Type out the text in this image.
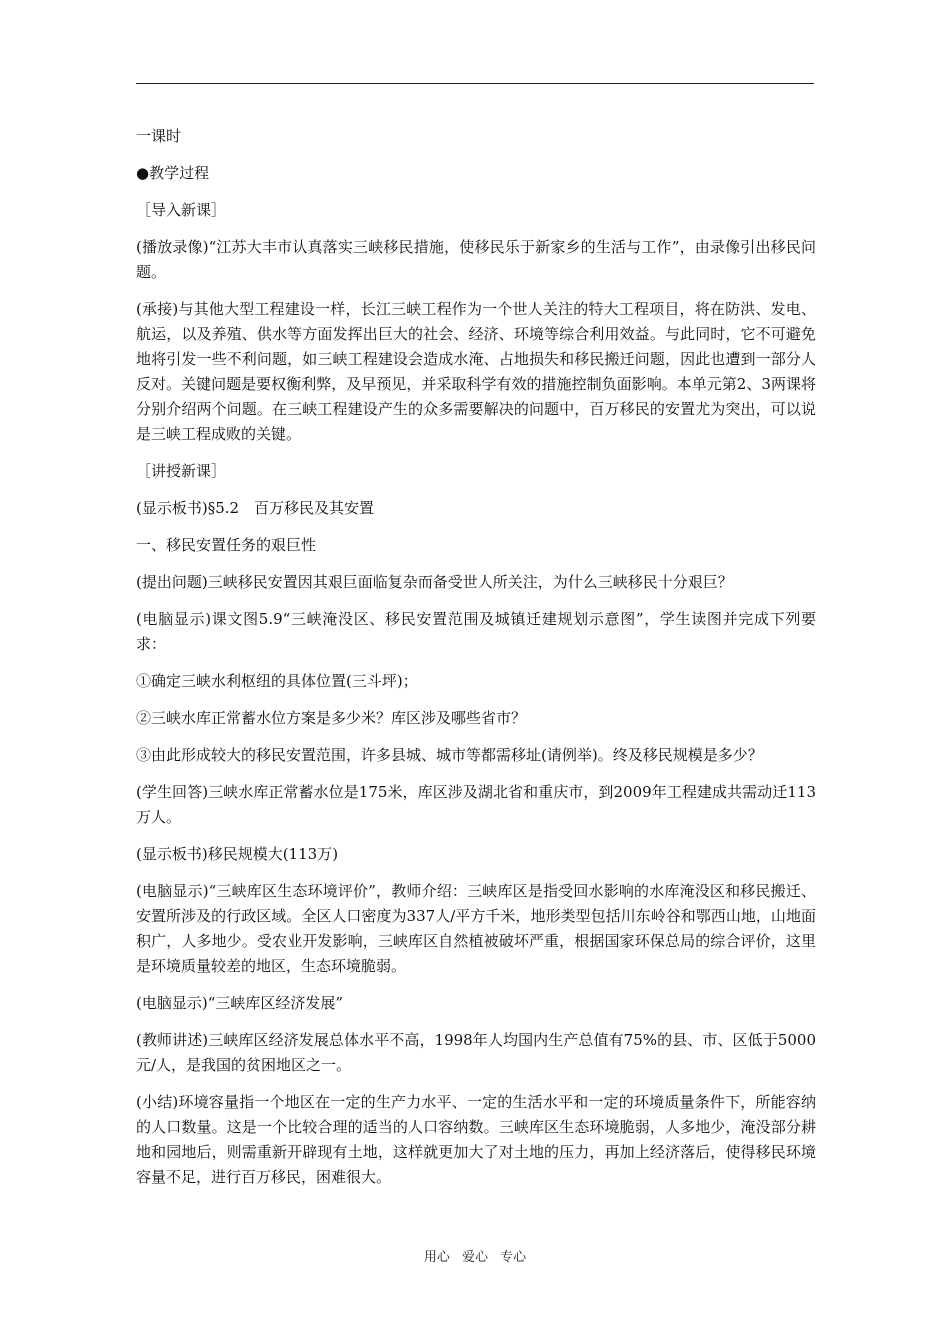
一课时

●教学过程

［导入新课］

(播放录像)“江苏大丰市认真落实三峡移民措施，使移民乐于新家乡的生活与工作”，由录像引出移民问题。

(承接)与其他大型工程建设一样，长江三峡工程作为一个世人关注的特大工程项目，将在防洪、发电、航运，以及养殖、供水等方面发挥出巨大的社会、经济、环境等综合利用效益。与此同时，它不可避免地将引发一些不利问题，如三峡工程建设会造成水淹、占地损失和移民搬迁问题，因此也遭到一部分人反对。关键问题是要权衡利弊，及早预见，并采取科学有效的措施控制负面影响。本单元第2、3两课将分别介绍两个问题。在三峡工程建设产生的众多需要解决的问题中，百万移民的安置尤为突出，可以说是三峡工程成败的关键。

［讲授新课］

(显示板书)§5.2　百万移民及其安置

一、移民安置任务的艰巨性

(提出问题)三峡移民安置因其艰巨面临复杂而备受世人所关注，为什么三峡移民十分艰巨？

(电脑显示)课文图5.9“三峡淹没区、移民安置范围及城镇迁建规划示意图”，学生读图并完成下列要求：

①确定三峡水利枢纽的具体位置(三斗坪)；

②三峡水库正常蓄水位方案是多少米？库区涉及哪些省市？

③由此形成较大的移民安置范围，许多县城、城市等都需移址(请例举)。终及移民规模是多少？

(学生回答)三峡水库正常蓄水位是175米，库区涉及湖北省和重庆市，到2009年工程建成共需动迁113万人。

(显示板书)移民规模大(113万)

(电脑显示)“三峡库区生态环境评价”，教师介绍：三峡库区是指受回水影响的水库淹没区和移民搬迁、安置所涉及的行政区域。全区人口密度为337人/平方千米，地形类型包括川东岭谷和鄂西山地，山地面积广，人多地少。受农业开发影响，三峡库区自然植被破坏严重，根据国家环保总局的综合评价，这里是环境质量较差的地区，生态环境脆弱。

(电脑显示)“三峡库区经济发展”

(教师讲述)三峡库区经济发展总体水平不高，1998年人均国内生产总值有75%的县、市、区低于5000元/人，是我国的贫困地区之一。

(小结)环境容量指一个地区在一定的生产力水平、一定的生活水平和一定的环境质量条件下，所能容纳的人口数量。这是一个比较合理的适当的人口容纳数。三峡库区生态环境脆弱，人多地少，淹没部分耕地和园地后，则需重新开辟现有土地，这样就更加大了对土地的压力，再加上经济落后，使得移民环境容量不足，进行百万移民，困难很大。

用心 爱心 专心
